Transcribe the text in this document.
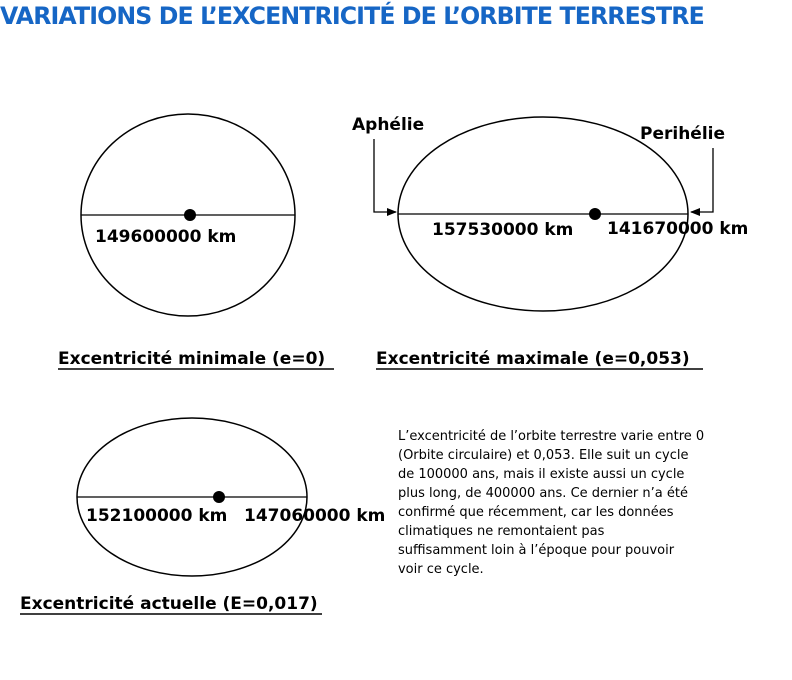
VARIATIONS DE L’EXCENTRICITÉ DE L’ORBITE TERRESTRE
149600000 km
Excentricité minimale (e=0)
Aphélie	Perihélie
157530000 km 141670000 km
Excentricité maximale (e=0,053)
152100000 km 147060000 km
Excentricité actuelle (E=0,017)
L’excentricité de l’orbite terrestre varie entre 0
(Orbite circulaire) et 0,053. Elle suit un cycle
de 100000 ans, mais il existe aussi un cycle
plus long, de 400000 ans. Ce dernier n’a été
confirmé que récemment, car les données
climatiques ne remontaient pas
suffisamment loin à l’époque pour pouvoir
voir ce cycle.
